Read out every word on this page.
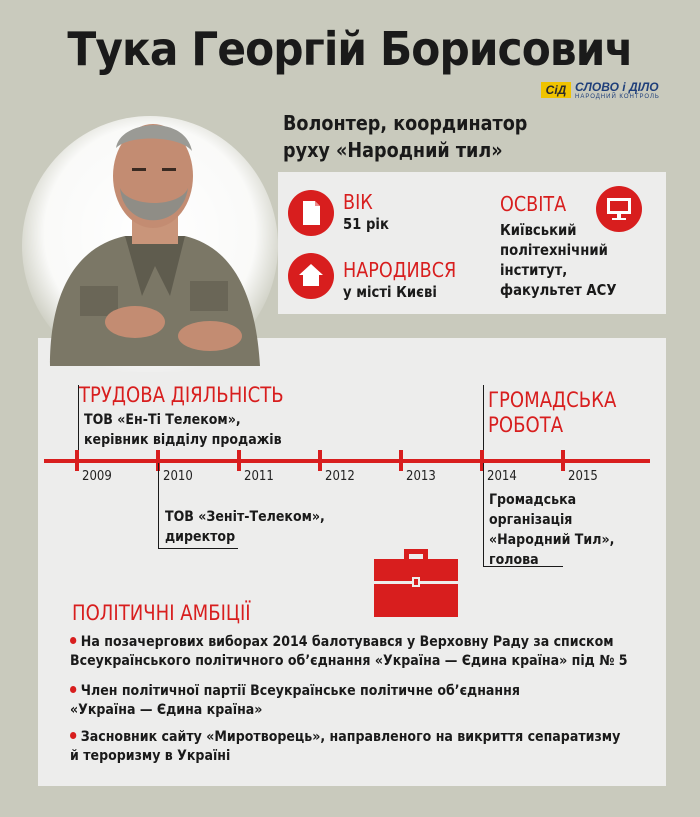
Тука Георгій Борисович
СіД СЛОВО і ДІЛО
НАРОДНИЙ КОНТРОЛЬ
Волонтер, координатор
руху «Народний тил»
ВІК
51 рік
НАРОДИВСЯ
у місті Києві
ОСВІТА
Київський
політехнічний
інститут,
факультет АСУ
ТРУДОВА ДІЯЛЬНІСТЬ
ТОВ «Ен-Ті Телеком»,
керівник відділу продажів
ГРОМАДСЬКА
РОБОТА
2009	2010	2011	2012	2013	2014	2015
ТОВ «Зеніт-Телеком»,
директор
Громадська
організація
«Народний Тил»,
голова
ПОЛІТИЧНІ АМБІЦІЇ
На позачергових виборах 2014 балотувався у Верховну Раду за списком
Всеукраїнського політичного об’єднання «Україна — Єдина країна» під № 5
Член політичної партії Всеукраїнське політичне об’єднання
«Україна — Єдина країна»
Засновник сайту «Миротворець», направленого на викриття сепаратизму
й тероризму в Україні
